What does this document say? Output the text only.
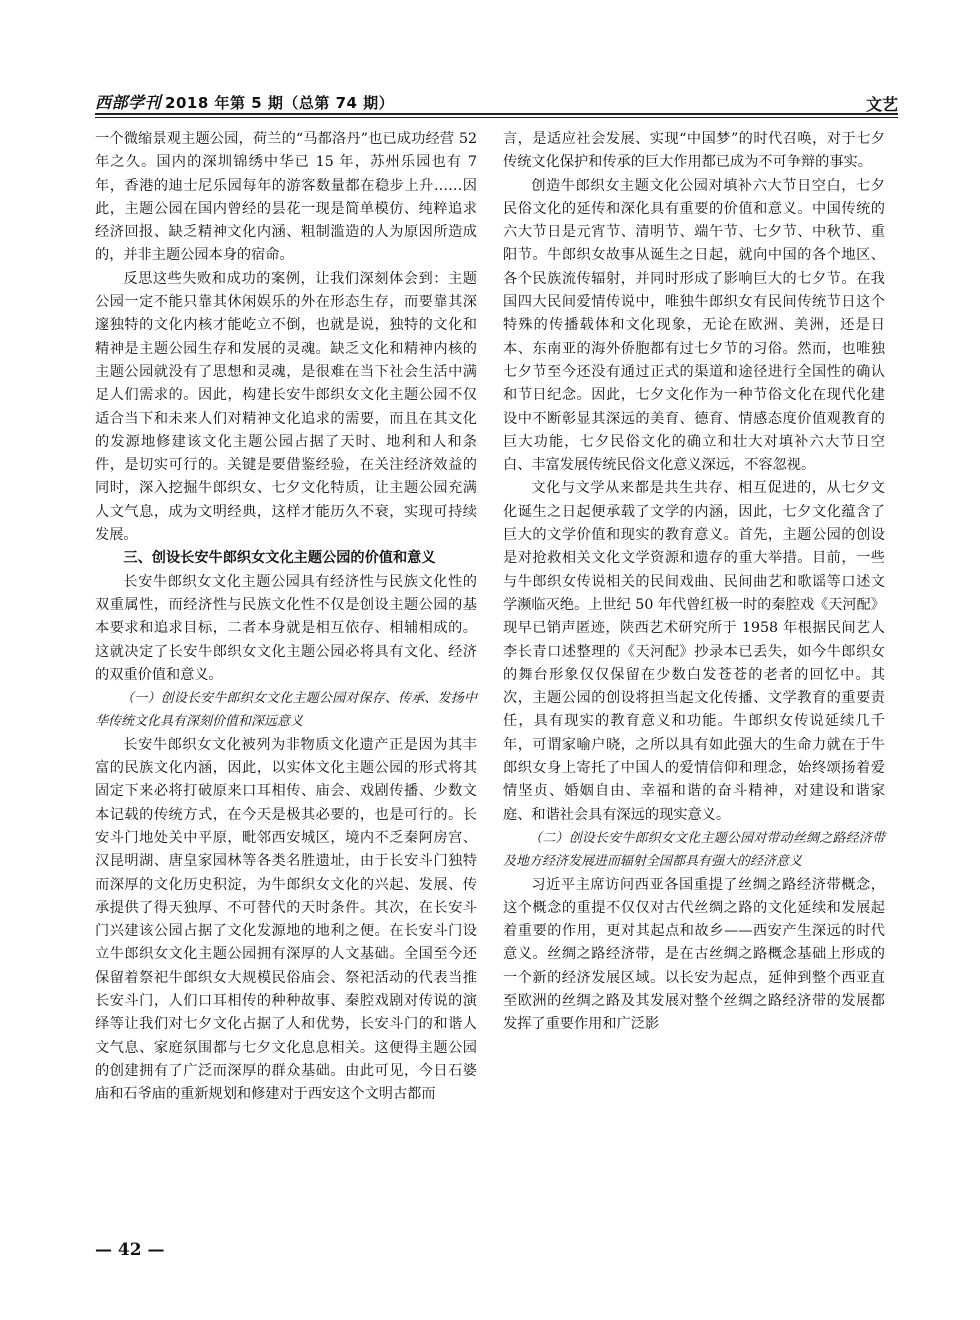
西部学刊 2018 年第 5 期（总第 74 期）	文艺

一个微缩景观主题公园，荷兰的“马都洛丹”也已成功经营 52 年之久。国内的深圳锦绣中华已 15 年，苏州乐园也有 7 年，香港的迪士尼乐园每年的游客数量都在稳步上升……因此，主题公园在国内曾经的昙花一现是简单模仿、纯粹追求经济回报、缺乏精神文化内涵、粗制滥造的人为原因所造成的，并非主题公园本身的宿命。

反思这些失败和成功的案例，让我们深刻体会到：主题公园一定不能只靠其休闲娱乐的外在形态生存，而要靠其深邃独特的文化内核才能屹立不倒，也就是说，独特的文化和精神是主题公园生存和发展的灵魂。缺乏文化和精神内核的主题公园就没有了思想和灵魂，是很难在当下社会生活中满足人们需求的。因此，构建长安牛郎织女文化主题公园不仅适合当下和未来人们对精神文化追求的需要，而且在其文化的发源地修建该文化主题公园占据了天时、地利和人和条件，是切实可行的。关键是要借鉴经验，在关注经济效益的同时，深入挖掘牛郎织女、七夕文化特质，让主题公园充满人文气息，成为文明经典，这样才能历久不衰，实现可持续发展。

三、创设长安牛郎织女文化主题公园的价值和意义

长安牛郎织女文化主题公园具有经济性与民族文化性的双重属性，而经济性与民族文化性不仅是创设主题公园的基本要求和追求目标，二者本身就是相互依存、相辅相成的。这就决定了长安牛郎织女文化主题公园必将具有文化、经济的双重价值和意义。

（一）创设长安牛郎织女文化主题公园对保存、传承、发扬中华传统文化具有深刻价值和深远意义

长安牛郎织女文化被列为非物质文化遗产正是因为其丰富的民族文化内涵，因此，以实体文化主题公园的形式将其固定下来必将打破原来口耳相传、庙会、戏剧传播、少数文本记载的传统方式，在今天是极其必要的，也是可行的。长安斗门地处关中平原，毗邻西安城区，境内不乏秦阿房宫、汉昆明湖、唐皇家园林等各类名胜遗址，由于长安斗门独特而深厚的文化历史积淀，为牛郎织女文化的兴起、发展、传承提供了得天独厚、不可替代的天时条件。其次，在长安斗门兴建该公园占据了文化发源地的地利之便。在长安斗门设立牛郎织女文化主题公园拥有深厚的人文基础。全国至今还保留着祭祀牛郎织女大规模民俗庙会、祭祀活动的代表当推长安斗门，人们口耳相传的种种故事、秦腔戏剧对传说的演绎等让我们对七夕文化占据了人和优势，长安斗门的和谐人文气息、家庭氛围都与七夕文化息息相关。这便得主题公园的创建拥有了广泛而深厚的群众基础。由此可见，今日石婆庙和石爷庙的重新规划和修建对于西安这个文明古都而

言，是适应社会发展、实现“中国梦”的时代召唤，对于七夕传统文化保护和传承的巨大作用都已成为不可争辩的事实。

创造牛郎织女主题文化公园对填补六大节日空白，七夕民俗文化的延传和深化具有重要的价值和意义。中国传统的六大节日是元宵节、清明节、端午节、七夕节、中秋节、重阳节。牛郎织女故事从诞生之日起，就向中国的各个地区、各个民族流传辐射，并同时形成了影响巨大的七夕节。在我国四大民间爱情传说中，唯独牛郎织女有民间传统节日这个特殊的传播载体和文化现象，无论在欧洲、美洲，还是日本、东南亚的海外侨胞都有过七夕节的习俗。然而，也唯独七夕节至今还没有通过正式的渠道和途径进行全国性的确认和节日纪念。因此，七夕文化作为一种节俗文化在现代化建设中不断彰显其深远的美育、德育、情感态度价值观教育的巨大功能，七夕民俗文化的确立和壮大对填补六大节日空白、丰富发展传统民俗文化意义深远，不容忽视。

文化与文学从来都是共生共存、相互促进的，从七夕文化诞生之日起便承载了文学的内涵，因此，七夕文化蕴含了巨大的文学价值和现实的教育意义。首先，主题公园的创设是对抢救相关文化文学资源和遗存的重大举措。目前，一些与牛郎织女传说相关的民间戏曲、民间曲艺和歌谣等口述文学濒临灭绝。上世纪 50 年代曾红极一时的秦腔戏《天河配》现早已销声匿迹，陕西艺术研究所于 1958 年根据民间艺人李长青口述整理的《天河配》抄录本已丢失，如今牛郎织女的舞台形象仅仅保留在少数白发苍苍的老者的回忆中。其次，主题公园的创设将担当起文化传播、文学教育的重要责任，具有现实的教育意义和功能。牛郎织女传说延续几千年，可谓家喻户晓，之所以具有如此强大的生命力就在于牛郎织女身上寄托了中国人的爱情信仰和理念，始终颂扬着爱情坚贞、婚姻自由、幸福和谐的奋斗精神，对建设和谐家庭、和谐社会具有深远的现实意义。

（二）创设长安牛郎织女文化主题公园对带动丝绸之路经济带及地方经济发展进而辐射全国都具有强大的经济意义

习近平主席访问西亚各国重提了丝绸之路经济带概念，这个概念的重提不仅仅对古代丝绸之路的文化延续和发展起着重要的作用，更对其起点和故乡——西安产生深远的时代意义。丝绸之路经济带，是在古丝绸之路概念基础上形成的一个新的经济发展区域。以长安为起点，延伸到整个西亚直至欧洲的丝绸之路及其发展对整个丝绸之路经济带的发展都发挥了重要作用和广泛影

— 42 —
